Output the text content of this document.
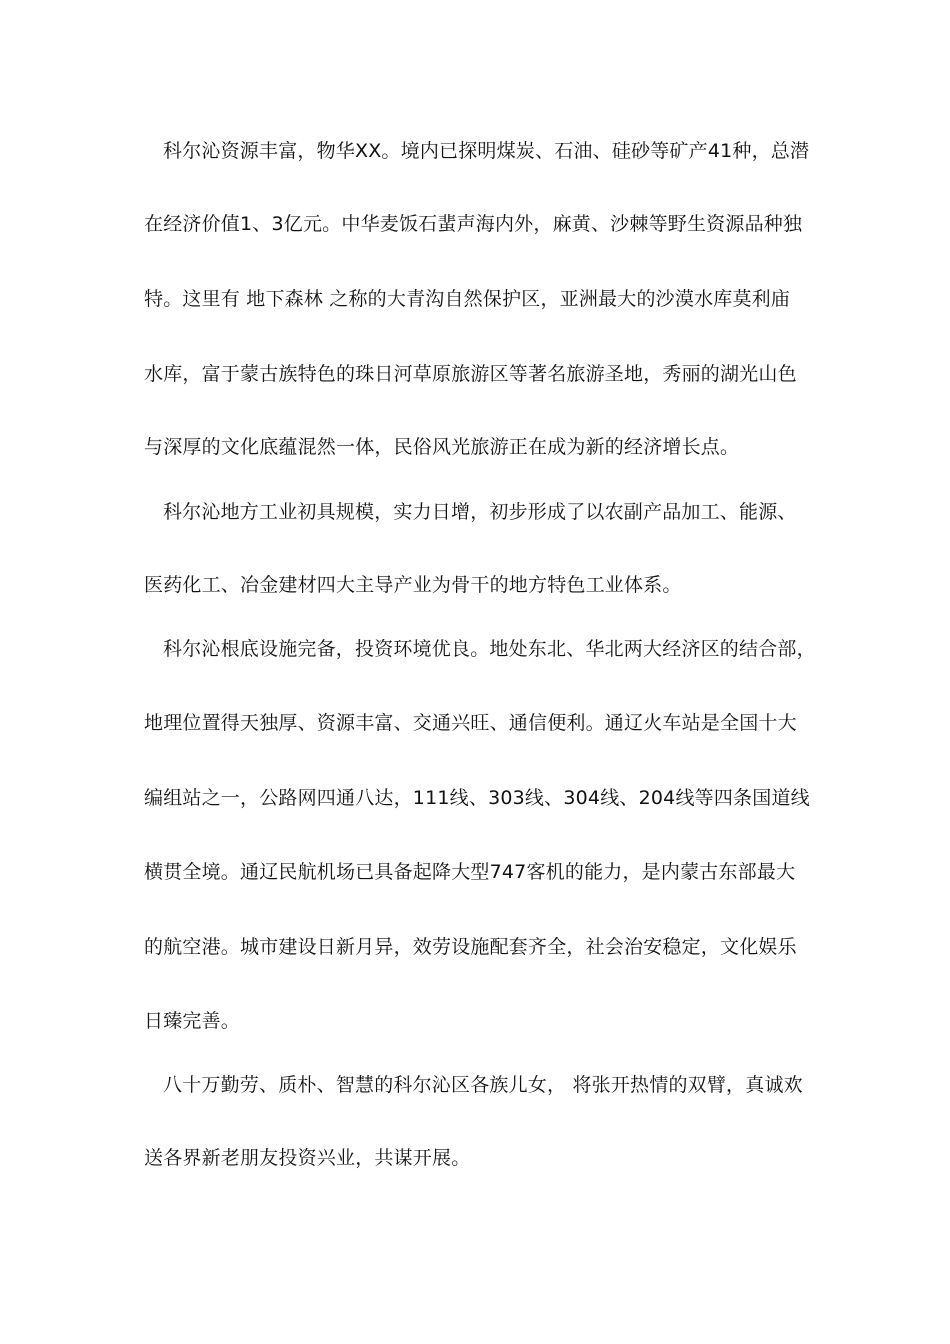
科尔沁资源丰富，物华XX。境内已探明煤炭、石油、硅砂等矿产41种，总潜
在经济价值1、3亿元。中华麦饭石蜚声海内外，麻黄、沙棘等野生资源品种独
特。这里有 地下森林 之称的大青沟自然保护区，亚洲最大的沙漠水库莫利庙
水库，富于蒙古族特色的珠日河草原旅游区等著名旅游圣地，秀丽的湖光山色
与深厚的文化底蕴混然一体，民俗风光旅游正在成为新的经济增长点。
科尔沁地方工业初具规模，实力日增，初步形成了以农副产品加工、能源、
医药化工、冶金建材四大主导产业为骨干的地方特色工业体系。
科尔沁根底设施完备，投资环境优良。地处东北、华北两大经济区的结合部，
地理位置得天独厚、资源丰富、交通兴旺、通信便利。通辽火车站是全国十大
编组站之一，公路网四通八达，111线、303线、304线、204线等四条国道线
横贯全境。通辽民航机场已具备起降大型747客机的能力，是内蒙古东部最大
的航空港。城市建设日新月异，效劳设施配套齐全，社会治安稳定，文化娱乐
日臻完善。
八十万勤劳、质朴、智慧的科尔沁区各族儿女， 将张开热情的双臂，真诚欢
送各界新老朋友投资兴业，共谋开展。
